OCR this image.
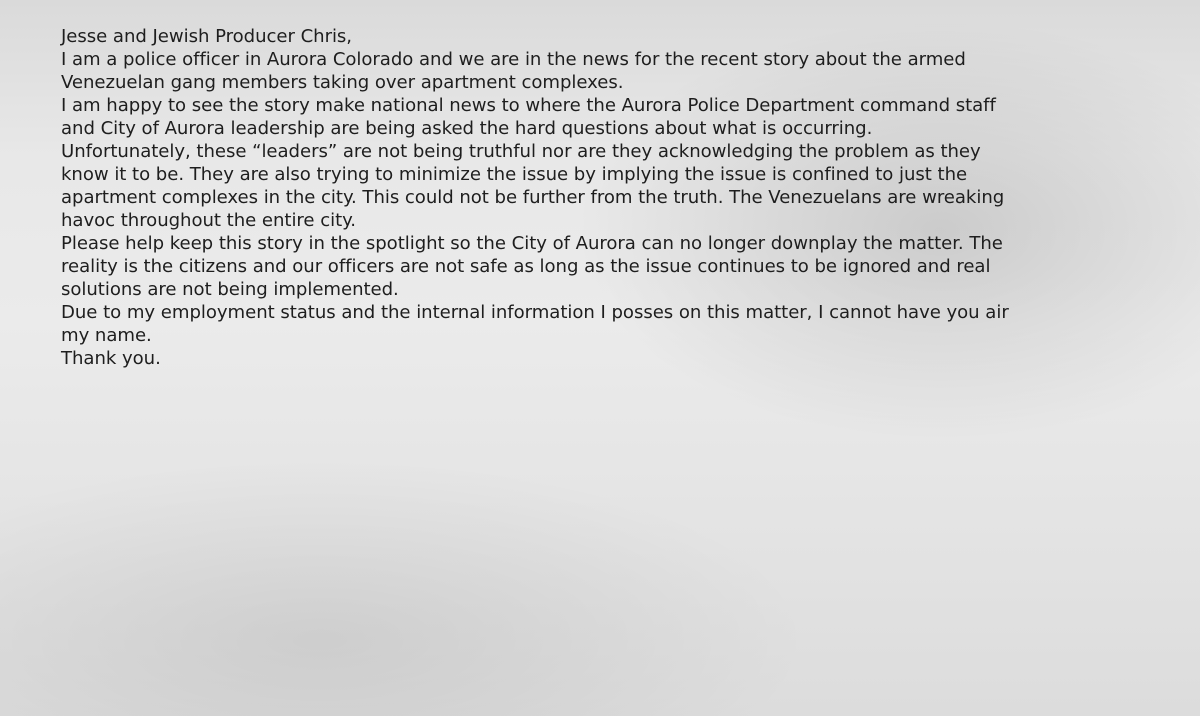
Jesse and Jewish Producer Chris,

I am a police officer in Aurora Colorado and we are in the news for the recent story about the armed
Venezuelan gang members taking over apartment complexes.

I am happy to see the story make national news to where the Aurora Police Department command staff
and City of Aurora leadership are being asked the hard questions about what is occurring.

Unfortunately, these “leaders” are not being truthful nor are they acknowledging the problem as they
know it to be. They are also trying to minimize the issue by implying the issue is confined to just the
apartment complexes in the city. This could not be further from the truth. The Venezuelans are wreaking
havoc throughout the entire city.

Please help keep this story in the spotlight so the City of Aurora can no longer downplay the matter. The
reality is the citizens and our officers are not safe as long as the issue continues to be ignored and real
solutions are not being implemented.

Due to my employment status and the internal information I posses on this matter, I cannot have you air
my name.

Thank you.
